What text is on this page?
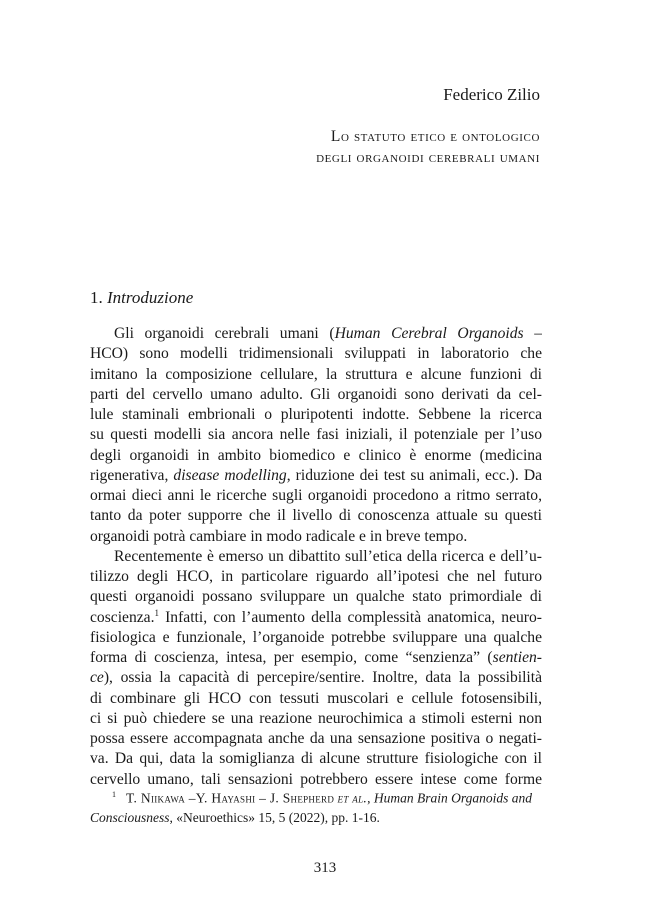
Federico Zilio
Lo statuto etico e ontologico
degli organoidi cerebrali umani
1. Introduzione
Gli organoidi cerebrali umani (Human Cerebral Organoids –
HCO) sono modelli tridimensionali sviluppati in laboratorio che
imitano la composizione cellulare, la struttura e alcune funzioni di
parti del cervello umano adulto. Gli organoidi sono derivati da cel-
lule staminali embrionali o pluripotenti indotte. Sebbene la ricerca
su questi modelli sia ancora nelle fasi iniziali, il potenziale per l’uso
degli organoidi in ambito biomedico e clinico è enorme (medicina
rigenerativa, disease modelling, riduzione dei test su animali, ecc.). Da
ormai dieci anni le ricerche sugli organoidi procedono a ritmo serrato,
tanto da poter supporre che il livello di conoscenza attuale su questi
organoidi potrà cambiare in modo radicale e in breve tempo.
Recentemente è emerso un dibattito sull’etica della ricerca e dell’u-
tilizzo degli HCO, in particolare riguardo all’ipotesi che nel futuro
questi organoidi possano sviluppare un qualche stato primordiale di
coscienza.$^1$ Infatti, con l’aumento della complessità anatomica, neuro-
fisiologica e funzionale, l’organoide potrebbe sviluppare una qualche
forma di coscienza, intesa, per esempio, come “senzienza” (sentien-
ce), ossia la capacità di percepire/sentire. Inoltre, data la possibilità
di combinare gli HCO con tessuti muscolari e cellule fotosensibili,
ci si può chiedere se una reazione neurochimica a stimoli esterni non
possa essere accompagnata anche da una sensazione positiva o negati-
va. Da qui, data la somiglianza di alcune strutture fisiologiche con il
cervello umano, tali sensazioni potrebbero essere intese come forme
$^1$ T. Niikawa –Y. Hayashi – J. Shepherd et al., Human Brain Organoids and
Consciousness, «Neuroethics» 15, 5 (2022), pp. 1-16.
313
